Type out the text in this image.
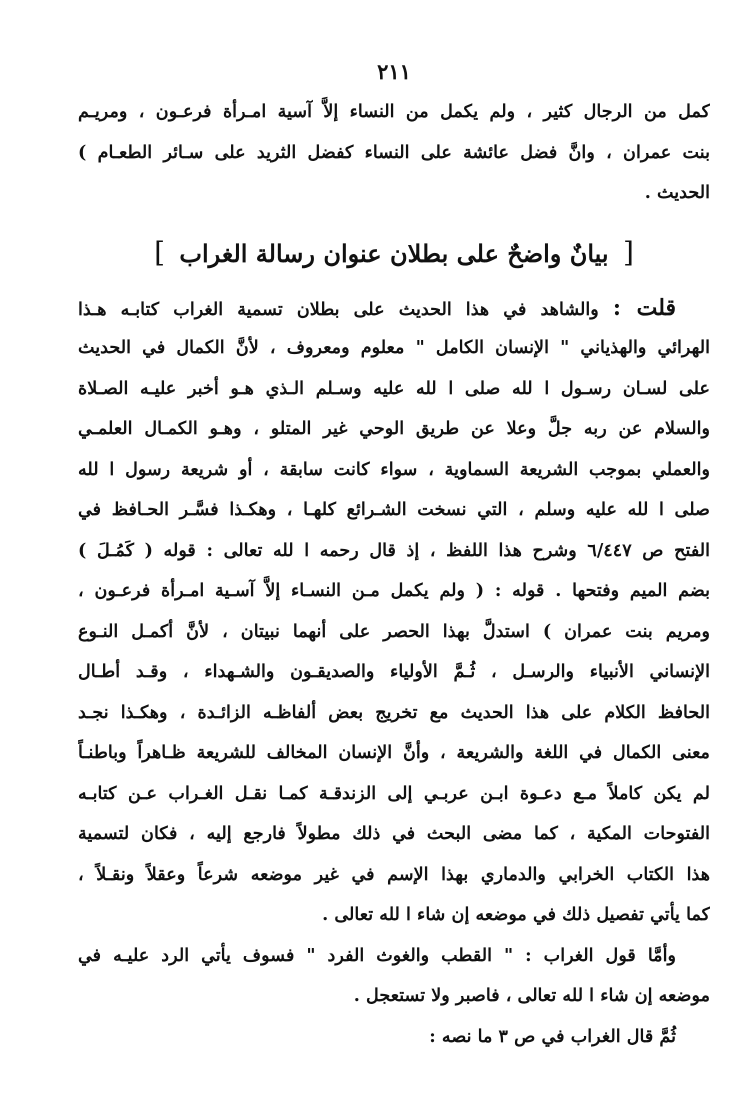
٢١١
كمل من الرجال كثير ، ولم يكمل من النساء إلاَّ آسية امـرأة فرعـون ، ومريـم
بنت عمران ، وانَّ فضل عائشة على النساء كفضل الثريد على سـائر الطعـام )
الحديث .
[ بيانٌ واضحٌ على بطلان عنوان رسالة الغراب ]
قلت : والشاهد في هذا الحديث على بطلان تسمية الغراب كتابـه هـذا
الهرائي والهذياني " الإنسان الكامل " معلوم ومعروف ، لأنَّ الكمال في الحديث
على لسـان رسـول ا لله صلى ا لله عليه وسـلم الـذي هـو أخبر عليـه الصـلاة
والسلام عن ربه جلَّ وعلا عن طريق الوحي غير المتلو ، وهـو الكمـال العلمـي
والعملي بموجب الشريعة السماوية ، سواء كانت سابقة ، أو شريعة رسول ا لله
صلى ا لله عليه وسلم ، التي نسخت الشـرائع كلهـا ، وهكـذا فسَّـر الحـافظ في
الفتح ص ٦/٤٤٧ وشرح هذا اللفظ ، إذ قال رحمه ا لله تعالى : قوله ( كَمُـلَ )
بضم الميم وفتحها . قوله : ( ولم يكمل مـن النسـاء إلاَّ آسـية امـرأة فرعـون ،
ومريم بنت عمران ) استدلَّ بهذا الحصر على أنهما نبيتان ، لأنَّ أكمـل النـوع
الإنساني الأنبياء والرسـل ، ثُـمَّ الأولياء والصديقـون والشـهداء ، وقـد أطـال
الحافظ الكلام على هذا الحديث مع تخريج بعض ألفاظـه الزائـدة ، وهكـذا نجـد
معنى الكمال في اللغة والشريعة ، وأنَّ الإنسان المخالف للشريعة ظـاهراً وباطنـاً
لم يكن كاملاً مـع دعـوة ابـن عربـي إلى الزندقـة كمـا نقـل الغـراب عـن كتابـه
الفتوحات المكية ، كما مضى البحث في ذلك مطولاً فارجع إليه ، فكان لتسمية
هذا الكتاب الخرابي والدماري بهذا الإسم في غير موضعه شرعاً وعقلاً ونقـلاً ،
كما يأتي تفصيل ذلك في موضعه إن شاء ا لله تعالى .
وأمَّا قول الغراب : " القطب والغوث الفرد " فسوف يأتي الرد عليـه في
موضعه إن شاء ا لله تعالى ، فاصبر ولا تستعجل .
ثُمَّ قال الغراب في ص ٣ ما نصه :
